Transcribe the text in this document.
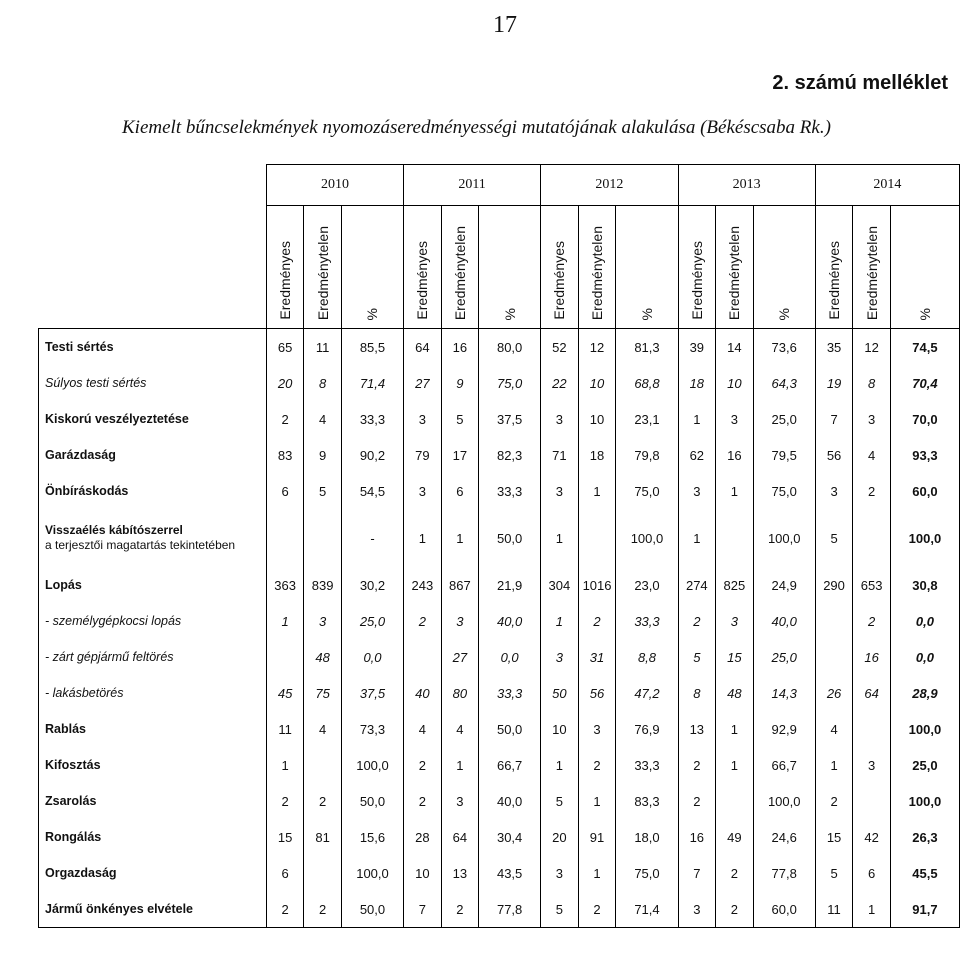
17
2. számú melléklet
Kiemelt bűncselekmények nyomozáseredményességi mutatójának alakulása (Békéscsaba Rk.)
	2010			2011			2012			2013			2014		

	Eredményes	Eredménytelen	%	Eredményes	Eredménytelen	%	Eredményes	Eredménytelen	%	Eredményes	Eredménytelen	%	Eredményes	Eredménytelen	%

Testi sértés	65	11	85,5	64	16	80,0	52	12	81,3	39	14	73,6	35	12	74,5
Súlyos testi sértés	20	8	71,4	27	9	75,0	22	10	68,8	18	10	64,3	19	8	70,4
Kiskorú veszélyeztetése	2	4	33,3	3	5	37,5	3	10	23,1	1	3	25,0	7	3	70,0
Garázdaság	83	9	90,2	79	17	82,3	71	18	79,8	62	16	79,5	56	4	93,3
Önbíráskodás	6	5	54,5	3	6	33,3	3	1	75,0	3	1	75,0	3	2	60,0

Visszaélés kábítószerrel
a terjesztői magatartás tekintetében			-	1	1	50,0	1		100,0	1		100,0	5		100,0
Lopás	363	839	30,2	243	867	21,9	304	1016	23,0	274	825	24,9	290	653	30,8
- személygépkocsi lopás	1	3	25,0	2	3	40,0	1	2	33,3	2	3	40,0		2	0,0
- zárt gépjármű feltörés		48	0,0		27	0,0	3	31	8,8	5	15	25,0		16	0,0
- lakásbetörés	45	75	37,5	40	80	33,3	50	56	47,2	8	48	14,3	26	64	28,9
Rablás	11	4	73,3	4	4	50,0	10	3	76,9	13	1	92,9	4		100,0
Kifosztás	1		100,0	2	1	66,7	1	2	33,3	2	1	66,7	1	3	25,0
Zsarolás	2	2	50,0	2	3	40,0	5	1	83,3	2		100,0	2		100,0
Rongálás	15	81	15,6	28	64	30,4	20	91	18,0	16	49	24,6	15	42	26,3
Orgazdaság	6		100,0	10	13	43,5	3	1	75,0	7	2	77,8	5	6	45,5
Jármű önkényes elvétele	2	2	50,0	7	2	77,8	5	2	71,4	3	2	60,0	11	1	91,7
